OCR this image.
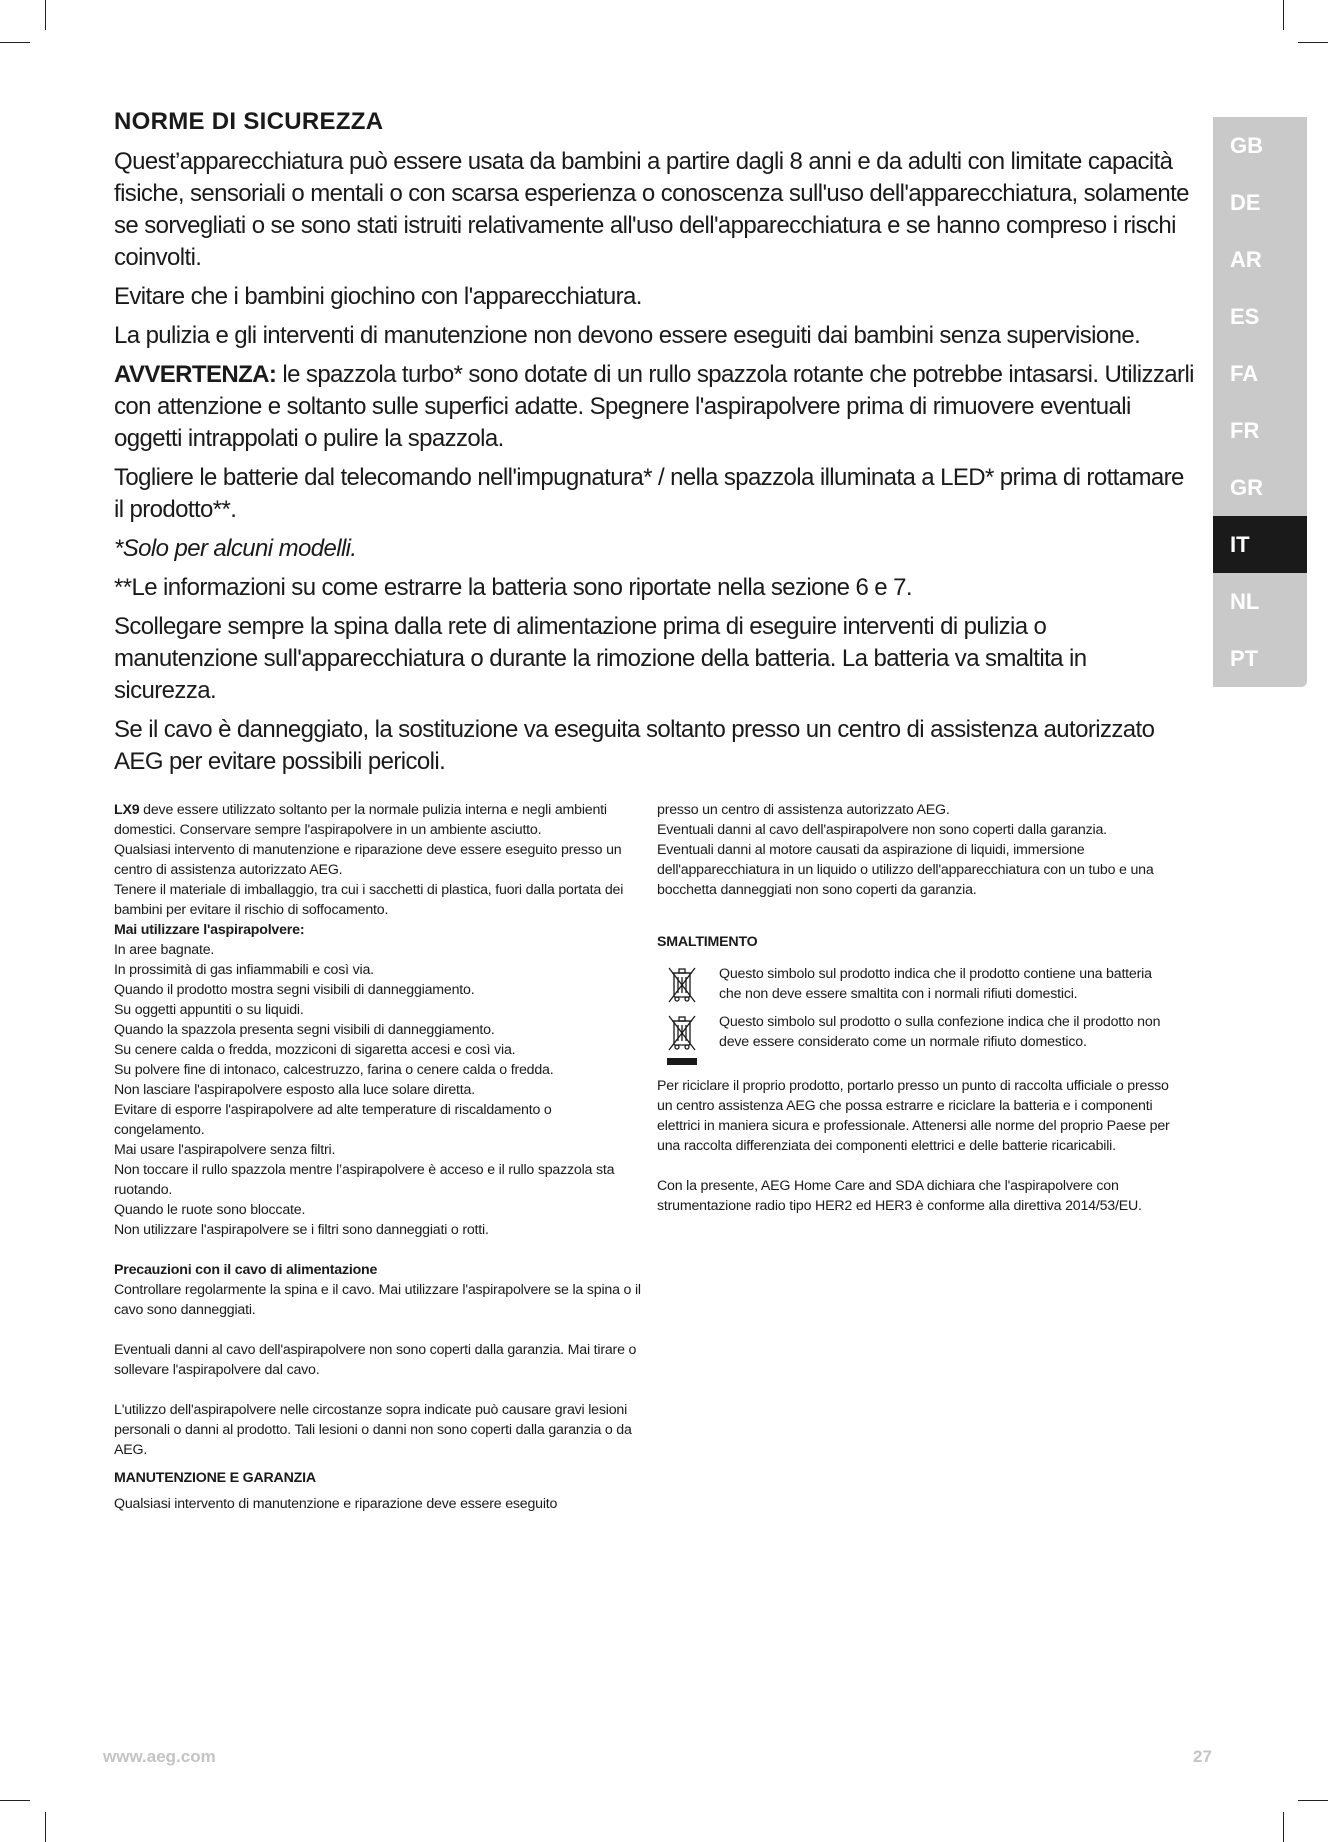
GB
DE
AR
ES
FA
FR
GR
IT
NL
PT
NORME DI SICUREZZA

Quest’apparecchiatura può essere usata da bambini a partire dagli 8 anni e da adulti con limitate capacità fisiche, sensoriali o mentali o con scarsa esperienza o conoscenza sull'uso dell'apparecchiatura, solamente se sorvegliati o se sono stati istruiti relativamente all'uso dell'apparecchiatura e se hanno compreso i rischi coinvolti.

Evitare che i bambini giochino con l'apparecchiatura.

La pulizia e gli interventi di manutenzione non devono essere eseguiti dai bambini senza supervisione.

AVVERTENZA: le spazzola turbo* sono dotate di un rullo spazzola rotante che potrebbe intasarsi. Utilizzarli con attenzione e soltanto sulle superfici adatte. Spegnere l'aspirapolvere prima di rimuovere eventuali oggetti intrappolati o pulire la spazzola.

Togliere le batterie dal telecomando nell'impugnatura* / nella spazzola illuminata a LED* prima di rottamare il prodotto**.

*Solo per alcuni modelli.

**Le informazioni su come estrarre la batteria sono riportate nella sezione 6 e 7.

Scollegare sempre la spina dalla rete di alimentazione prima di eseguire interventi di pulizia o manutenzione sull'apparecchiatura o durante la rimozione della batteria. La batteria va smaltita in sicurezza.

Se il cavo è danneggiato, la sostituzione va eseguita soltanto presso un centro di assistenza autorizzato AEG per evitare possibili pericoli.

LX9 deve essere utilizzato soltanto per la normale pulizia interna e negli ambienti domestici. Conservare sempre l'aspirapolvere in un ambiente asciutto.

Qualsiasi intervento di manutenzione e riparazione deve essere eseguito presso un centro di assistenza autorizzato AEG.

Tenere il materiale di imballaggio, tra cui i sacchetti di plastica, fuori dalla portata dei bambini per evitare il rischio di soffocamento.

Mai utilizzare l'aspirapolvere:

In aree bagnate.

In prossimità di gas infiammabili e così via.

Quando il prodotto mostra segni visibili di danneggiamento.

Su oggetti appuntiti o su liquidi.

Quando la spazzola presenta segni visibili di danneggiamento.

Su cenere calda o fredda, mozziconi di sigaretta accesi e così via.

Su polvere fine di intonaco, calcestruzzo, farina o cenere calda o fredda.

Non lasciare l'aspirapolvere esposto alla luce solare diretta.

Evitare di esporre l'aspirapolvere ad alte temperature di riscaldamento o congelamento.

Mai usare l'aspirapolvere senza filtri.

Non toccare il rullo spazzola mentre l’aspirapolvere è acceso e il rullo spazzola sta ruotando.

Quando le ruote sono bloccate.

Non utilizzare l'aspirapolvere se i filtri sono danneggiati o rotti.

Precauzioni con il cavo di alimentazione

Controllare regolarmente la spina e il cavo. Mai utilizzare l'aspirapolvere se la spina o il cavo sono danneggiati.

Eventuali danni al cavo dell'aspirapolvere non sono coperti dalla garanzia. Mai tirare o sollevare l'aspirapolvere dal cavo.

L'utilizzo dell'aspirapolvere nelle circostanze sopra indicate può causare gravi lesioni personali o danni al prodotto. Tali lesioni o danni non sono coperti dalla garanzia o da AEG.

MANUTENZIONE E GARANZIA

Qualsiasi intervento di manutenzione e riparazione deve essere eseguito

presso un centro di assistenza autorizzato AEG.

Eventuali danni al cavo dell'aspirapolvere non sono coperti dalla garanzia.

Eventuali danni al motore causati da aspirazione di liquidi, immersione dell'apparecchiatura in un liquido o utilizzo dell'apparecchiatura con un tubo e una bocchetta danneggiati non sono coperti da garanzia.

SMALTIMENTO
Questo simbolo sul prodotto indica che il prodotto contiene una batteria che non deve essere smaltita con i normali rifiuti domestici.
Questo simbolo sul prodotto o sulla confezione indica che il prodotto non deve essere considerato come un normale rifiuto domestico.

Per riciclare il proprio prodotto, portarlo presso un punto di raccolta ufficiale o presso un centro assistenza AEG che possa estrarre e riciclare la batteria e i componenti elettrici in maniera sicura e professionale. Attenersi alle norme del proprio Paese per una raccolta differenziata dei componenti elettrici e delle batterie ricaricabili.

Con la presente, AEG Home Care and SDA dichiara che l'aspirapolvere con strumentazione radio tipo HER2 ed HER3 è conforme alla direttiva 2014/53/EU.

www.aeg.com	27
